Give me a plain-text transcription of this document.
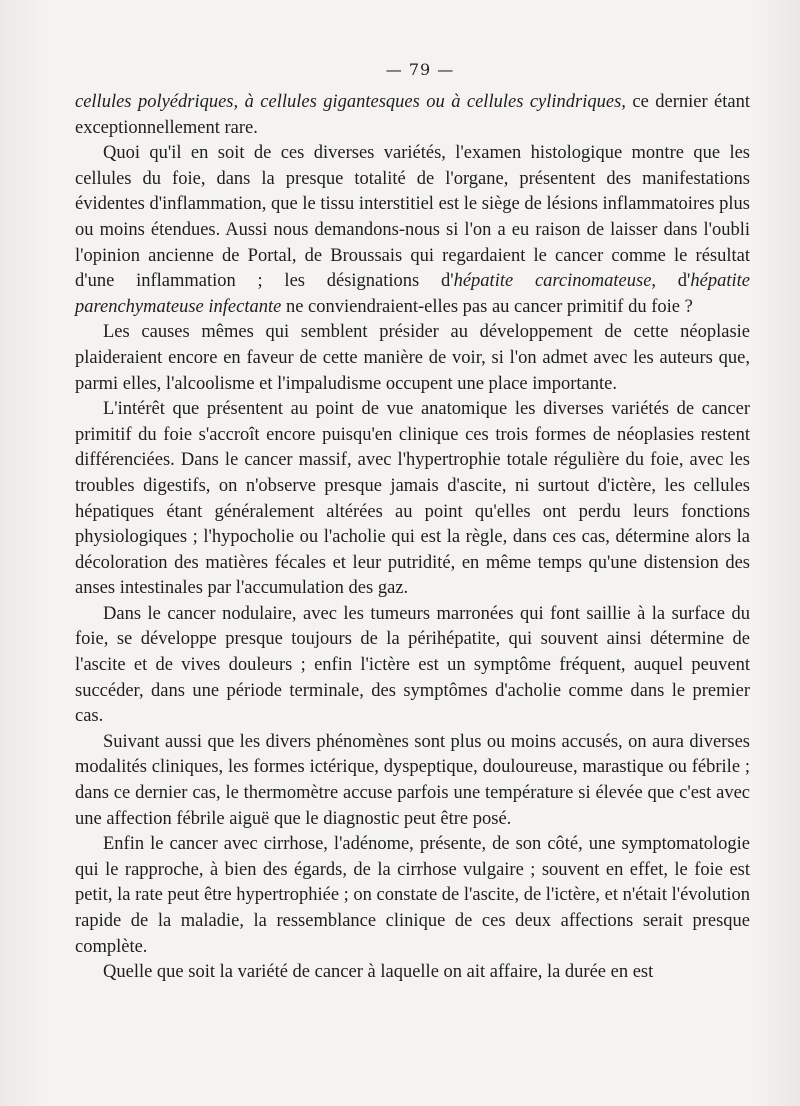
— 79 —

cellules polyédriques, à cellules gigantesques ou à cellules cylindriques, ce dernier étant exceptionnellement rare.

Quoi qu'il en soit de ces diverses variétés, l'examen histologique montre que les cellules du foie, dans la presque totalité de l'organe, présentent des manifestations évidentes d'inflammation, que le tissu interstitiel est le siège de lésions inflammatoires plus ou moins étendues. Aussi nous demandons-nous si l'on a eu raison de laisser dans l'oubli l'opinion ancienne de Portal, de Broussais qui regardaient le cancer comme le résultat d'une inflammation ; les désignations d'hépatite carcinomateuse, d'hépatite parenchymateuse infectante ne conviendraient-elles pas au cancer primitif du foie ?

Les causes mêmes qui semblent présider au développement de cette néoplasie plaideraient encore en faveur de cette manière de voir, si l'on admet avec les auteurs que, parmi elles, l'alcoolisme et l'impaludisme occupent une place importante.

L'intérêt que présentent au point de vue anatomique les diverses variétés de cancer primitif du foie s'accroît encore puisqu'en clinique ces trois formes de néoplasies restent différenciées. Dans le cancer massif, avec l'hypertrophie totale régulière du foie, avec les troubles digestifs, on n'observe presque jamais d'ascite, ni surtout d'ictère, les cellules hépatiques étant généralement altérées au point qu'elles ont perdu leurs fonctions physiologiques ; l'hypocholie ou l'acholie qui est la règle, dans ces cas, détermine alors la décoloration des matières fécales et leur putridité, en même temps qu'une distension des anses intestinales par l'accumulation des gaz.

Dans le cancer nodulaire, avec les tumeurs marronées qui font saillie à la surface du foie, se développe presque toujours de la périhépatite, qui souvent ainsi détermine de l'ascite et de vives douleurs ; enfin l'ictère est un symptôme fréquent, auquel peuvent succéder, dans une période terminale, des symptômes d'acholie comme dans le premier cas.

Suivant aussi que les divers phénomènes sont plus ou moins accusés, on aura diverses modalités cliniques, les formes ictérique, dyspeptique, douloureuse, marastique ou fébrile ; dans ce dernier cas, le thermomètre accuse parfois une température si élevée que c'est avec une affection fébrile aiguë que le diagnostic peut être posé.

Enfin le cancer avec cirrhose, l'adénome, présente, de son côté, une symptomatologie qui le rapproche, à bien des égards, de la cirrhose vulgaire ; souvent en effet, le foie est petit, la rate peut être hypertrophiée ; on constate de l'ascite, de l'ictère, et n'était l'évolution rapide de la maladie, la ressemblance clinique de ces deux affections serait presque complète.

Quelle que soit la variété de cancer à laquelle on ait affaire, la durée en est
